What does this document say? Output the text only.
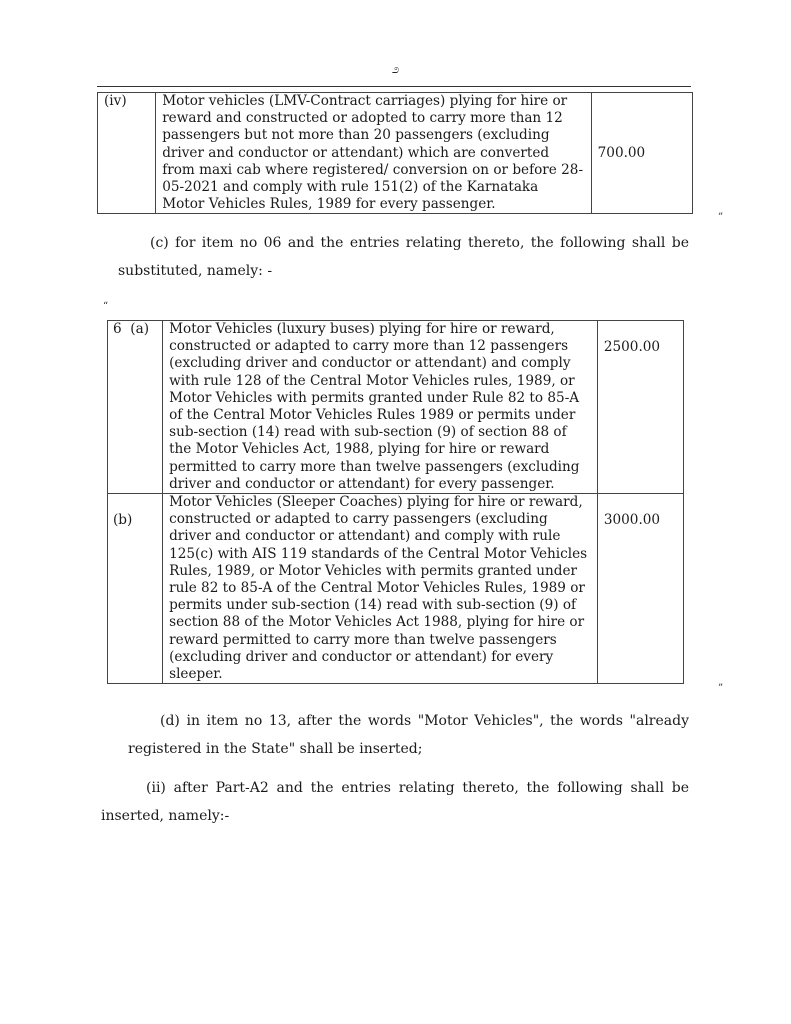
೨
(iv)	Motor vehicles (LMV-Contract carriages) plying for hire or reward and constructed or adopted to carry more than 12 passengers but not more than 20 passengers (excluding driver and conductor or attendant) which are converted from maxi cab where registered/ conversion on or before 28-05-2021 and comply with rule 151(2) of the Karnataka Motor Vehicles Rules, 1989 for every passenger.	700.00
”
(c) for item no 06 and the entries relating thereto, the following shall be substituted, namely: -
“
6  (a)	Motor Vehicles (luxury buses) plying for hire or reward, constructed or adapted to carry more than 12 passengers (excluding driver and conductor or attendant) and comply with rule 128 of the Central Motor Vehicles rules, 1989, or Motor Vehicles with permits granted under Rule 82 to 85-A of the Central Motor Vehicles Rules 1989 or permits under sub-section (14) read with sub-section (9) of section 88 of the Motor Vehicles Act, 1988, plying for hire or reward permitted to carry more than twelve passengers (excluding driver and conductor or attendant) for every passenger.	2500.00
(b)	Motor Vehicles (Sleeper Coaches) plying for hire or reward, constructed or adapted to carry passengers (excluding driver and conductor or attendant) and comply with rule 125(c) with AIS 119 standards of the Central Motor Vehicles Rules, 1989, or Motor Vehicles with permits granted under rule 82 to 85-A of the Central Motor Vehicles Rules, 1989 or permits under sub-section (14) read with sub-section (9) of section 88 of the Motor Vehicles Act 1988, plying for hire or reward permitted to carry more than twelve passengers (excluding driver and conductor or attendant) for every sleeper.	3000.00
”
(d) in item no 13, after the words "Motor Vehicles", the words "already registered in the State" shall be inserted;
(ii) after Part-A2 and the entries relating thereto, the following shall be inserted, namely:-
